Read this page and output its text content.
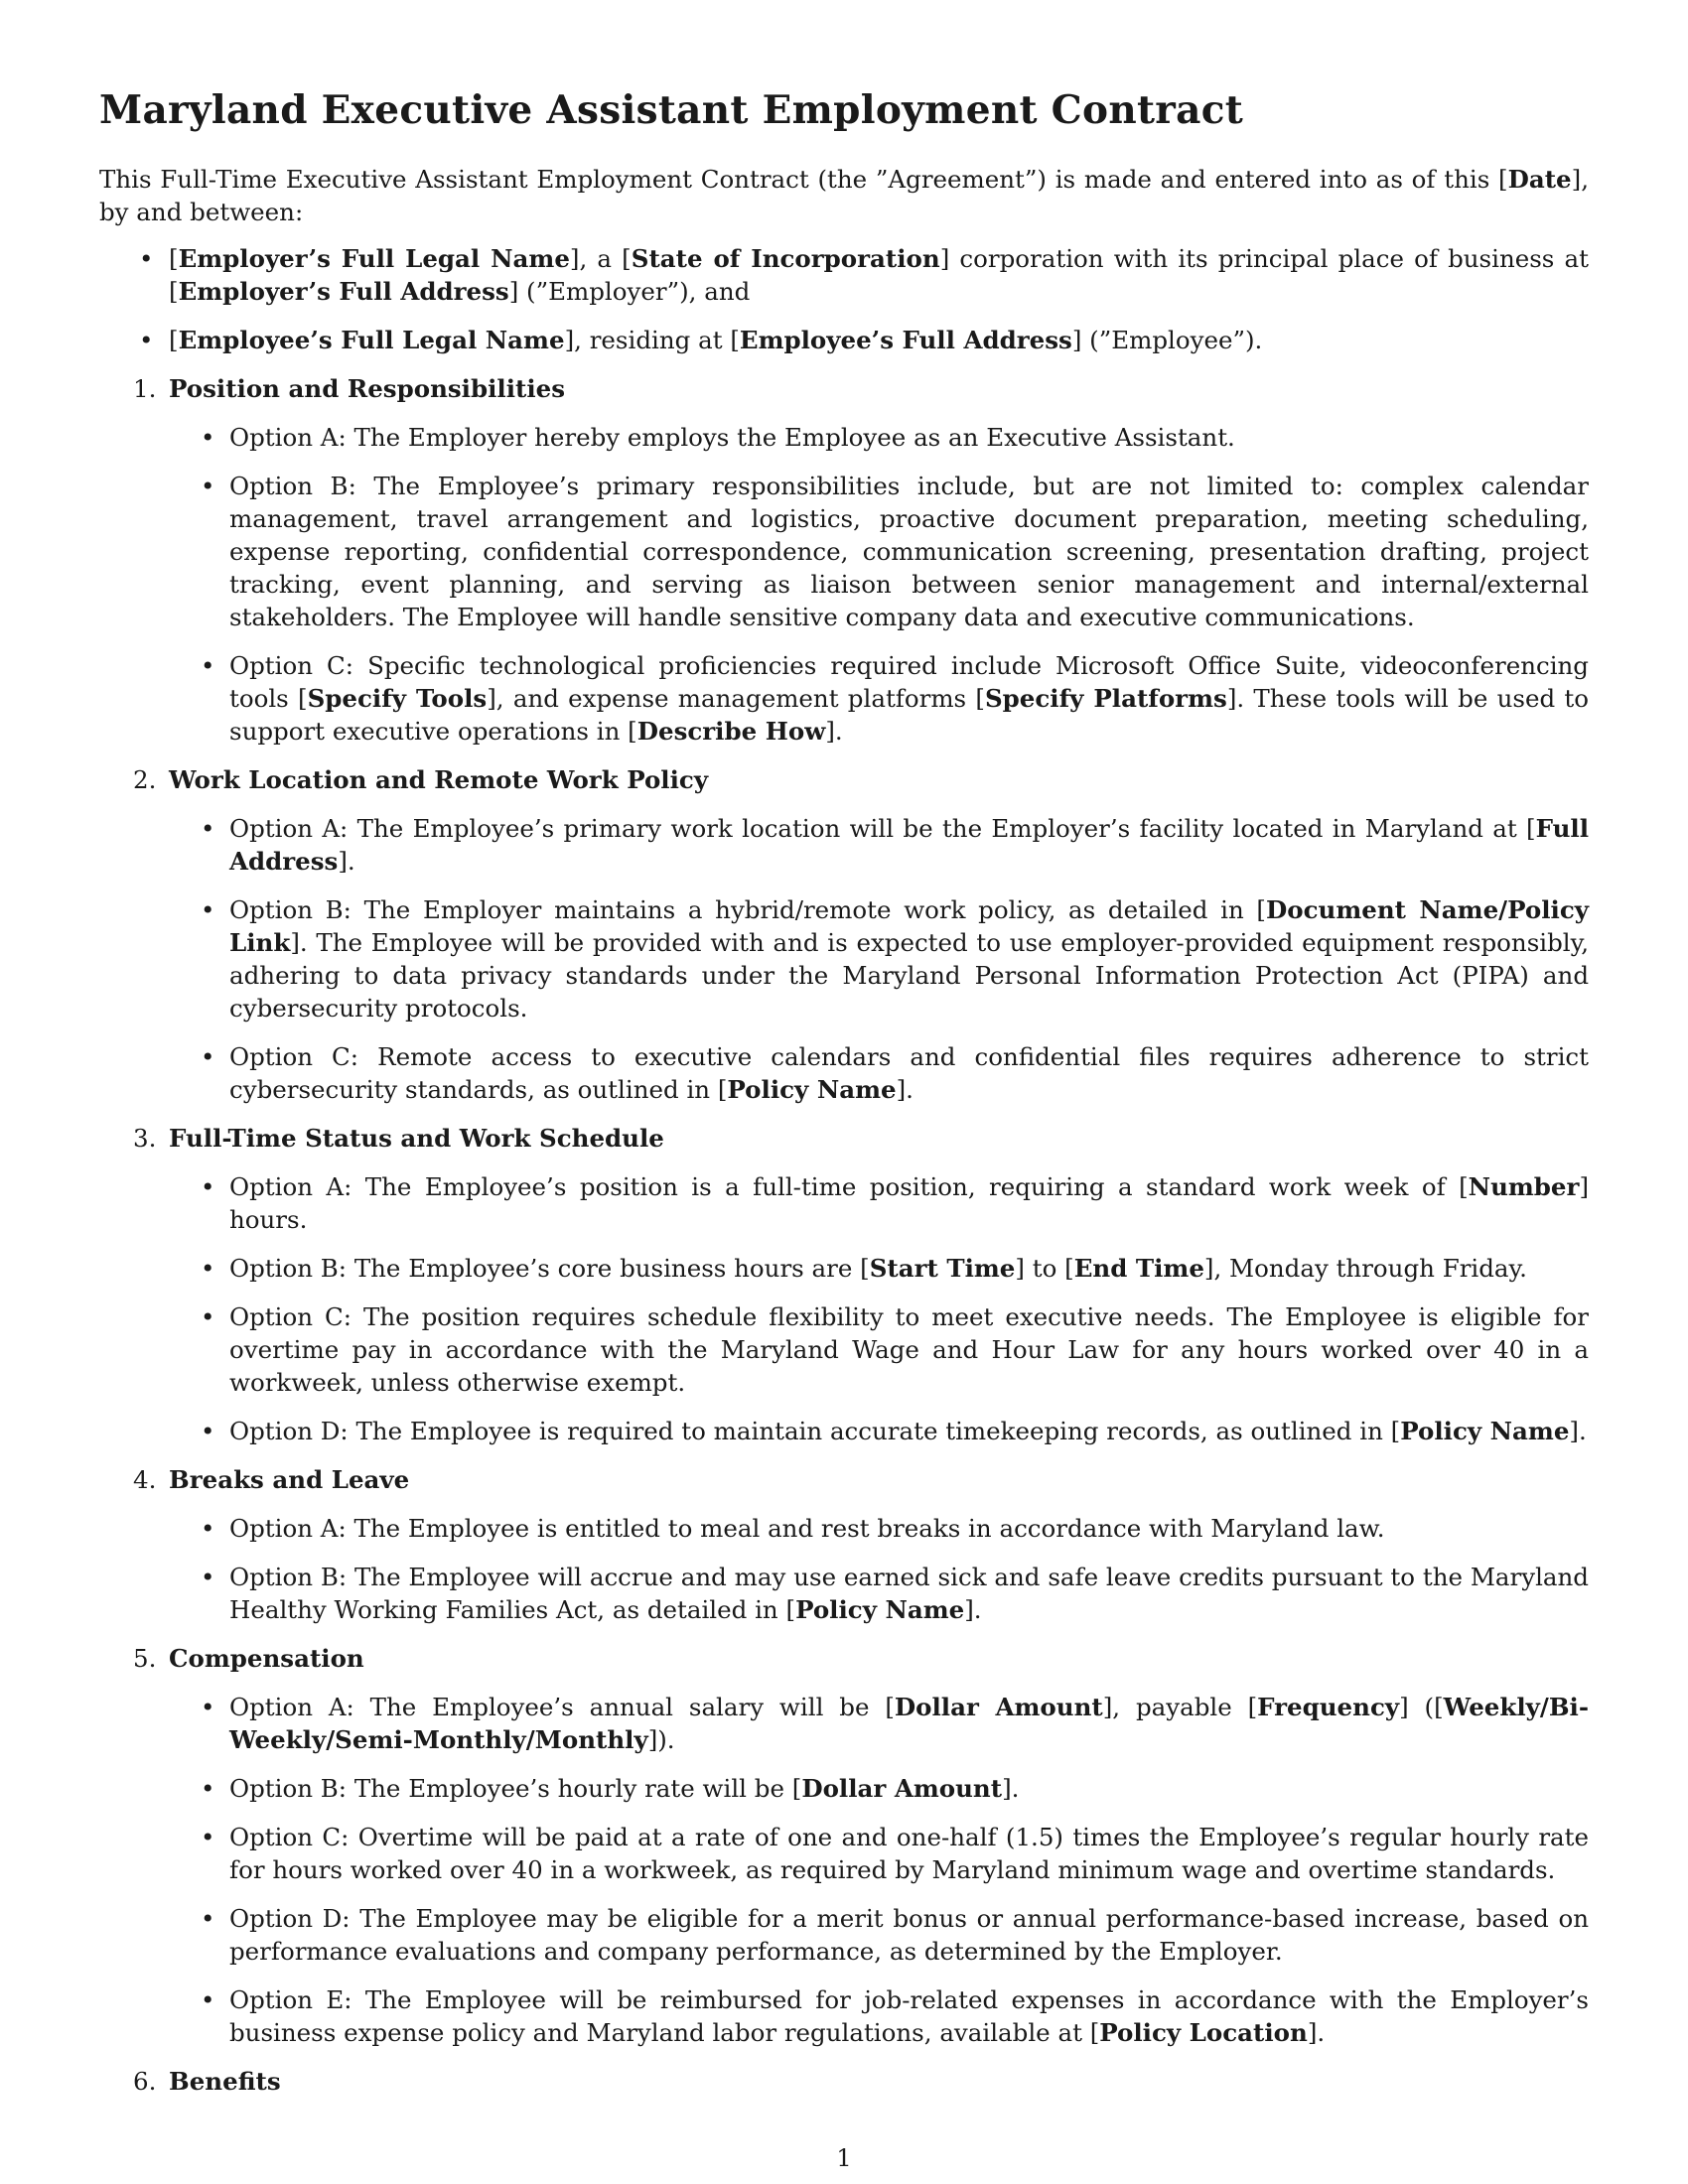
Maryland Executive Assistant Employment Contract

This Full-Time Executive Assistant Employment Contract (the ”Agreement”) is made and entered into as of this [Date], by and between:

• [Employer’s Full Legal Name], a [State of Incorporation] corporation with its principal place of business at [Employer’s Full Address] (”Employer”), and
• [Employee’s Full Legal Name], residing at [Employee’s Full Address] (”Employee”).
1. Position and Responsibilities
• Option A: The Employer hereby employs the Employee as an Executive Assistant.
• Option B: The Employee’s primary responsibilities include, but are not limited to: complex calendar management, travel arrangement and logistics, proactive document preparation, meeting scheduling, expense reporting, confidential correspondence, communication screening, presentation drafting, project tracking, event planning, and serving as liaison between senior management and internal/external stakeholders. The Employee will handle sensitive company data and executive communications.
• Option C: Specific technological proficiencies required include Microsoft Office Suite, videoconferencing tools [Specify Tools], and expense management platforms [Specify Platforms]. These tools will be used to support executive operations in [Describe How].
2. Work Location and Remote Work Policy
• Option A: The Employee’s primary work location will be the Employer’s facility located in Maryland at [Full Address].
• Option B: The Employer maintains a hybrid/remote work policy, as detailed in [Document Name/Policy Link]. The Employee will be provided with and is expected to use employer-provided equipment responsibly, adhering to data privacy standards under the Maryland Personal Information Protection Act (PIPA) and cybersecurity protocols.
• Option C: Remote access to executive calendars and confidential files requires adherence to strict cybersecurity standards, as outlined in [Policy Name].
3. Full-Time Status and Work Schedule
• Option A: The Employee’s position is a full-time position, requiring a standard work week of [Number] hours.
• Option B: The Employee’s core business hours are [Start Time] to [End Time], Monday through Friday.
• Option C: The position requires schedule flexibility to meet executive needs. The Employee is eligible for overtime pay in accordance with the Maryland Wage and Hour Law for any hours worked over 40 in a workweek, unless otherwise exempt.
• Option D: The Employee is required to maintain accurate timekeeping records, as outlined in [Policy Name].
4. Breaks and Leave
• Option A: The Employee is entitled to meal and rest breaks in accordance with Maryland law.
• Option B: The Employee will accrue and may use earned sick and safe leave credits pursuant to the Maryland Healthy Working Families Act, as detailed in [Policy Name].
5. Compensation
• Option A: The Employee’s annual salary will be [Dollar Amount], payable [Frequency] ([Weekly/Bi-Weekly/Semi-Monthly/Monthly]).
• Option B: The Employee’s hourly rate will be [Dollar Amount].
• Option C: Overtime will be paid at a rate of one and one-half (1.5) times the Employee’s regular hourly rate for hours worked over 40 in a workweek, as required by Maryland minimum wage and overtime standards.
• Option D: The Employee may be eligible for a merit bonus or annual performance-based increase, based on performance evaluations and company performance, as determined by the Employer.
• Option E: The Employee will be reimbursed for job-related expenses in accordance with the Employer’s business expense policy and Maryland labor regulations, available at [Policy Location].
6. Benefits
1
